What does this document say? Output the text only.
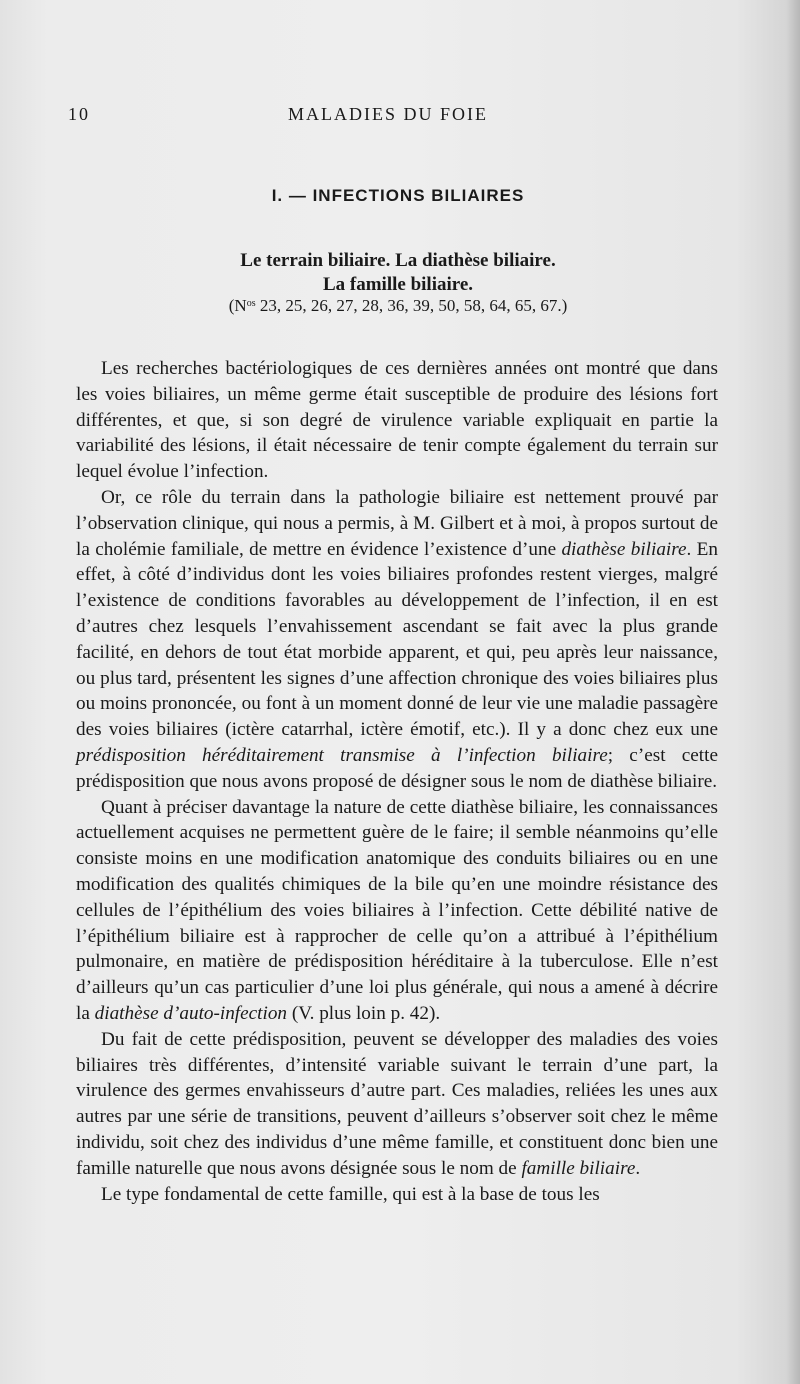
10	MALADIES DU FOIE
I. — INFECTIONS BILIAIRES
Le terrain biliaire. La diathèse biliaire.
La famille biliaire.
($N^{os}$ 23, 25, 26, 27, 28, 36, 39, 50, 58, 64, 65, 67.)

Les recherches bactériologiques de ces dernières années ont montré que dans les voies biliaires, un même germe était susceptible de produire des lésions fort différentes, et que, si son degré de virulence variable expliquait en partie la variabilité des lésions, il était nécessaire de tenir compte également du terrain sur lequel évolue l’infection.

Or, ce rôle du terrain dans la pathologie biliaire est nettement prouvé par l’observation clinique, qui nous a permis, à M. Gilbert et à moi, à propos surtout de la cholémie familiale, de mettre en évidence l’existence d’une diathèse biliaire. En effet, à côté d’individus dont les voies biliaires profondes restent vierges, malgré l’existence de conditions favorables au développement de l’infection, il en est d’autres chez lesquels l’envahissement ascendant se fait avec la plus grande facilité, en dehors de tout état morbide apparent, et qui, peu après leur naissance, ou plus tard, présentent les signes d’une affection chronique des voies biliaires plus ou moins prononcée, ou font à un moment donné de leur vie une maladie passagère des voies biliaires (ictère catarrhal, ictère émotif, etc.). Il y a donc chez eux une prédisposition héréditairement transmise à l’infection biliaire; c’est cette prédisposition que nous avons proposé de désigner sous le nom de diathèse biliaire.

Quant à préciser davantage la nature de cette diathèse biliaire, les connaissances actuellement acquises ne permettent guère de le faire; il semble néanmoins qu’elle consiste moins en une modification anatomique des conduits biliaires ou en une modification des qualités chimiques de la bile qu’en une moindre résistance des cellules de l’épithélium des voies biliaires à l’infection. Cette débilité native de l’épithélium biliaire est à rapprocher de celle qu’on a attribué à l’épithélium pulmonaire, en matière de prédisposition héréditaire à la tuberculose. Elle n’est d’ailleurs qu’un cas particulier d’une loi plus générale, qui nous a amené à décrire la diathèse d’auto-infection (V. plus loin p. 42).

Du fait de cette prédisposition, peuvent se développer des maladies des voies biliaires très différentes, d’intensité variable suivant le terrain d’une part, la virulence des germes envahisseurs d’autre part. Ces maladies, reliées les unes aux autres par une série de transitions, peuvent d’ailleurs s’observer soit chez le même individu, soit chez des individus d’une même famille, et constituent donc bien une famille naturelle que nous avons désignée sous le nom de famille biliaire.

Le type fondamental de cette famille, qui est à la base de tous les
